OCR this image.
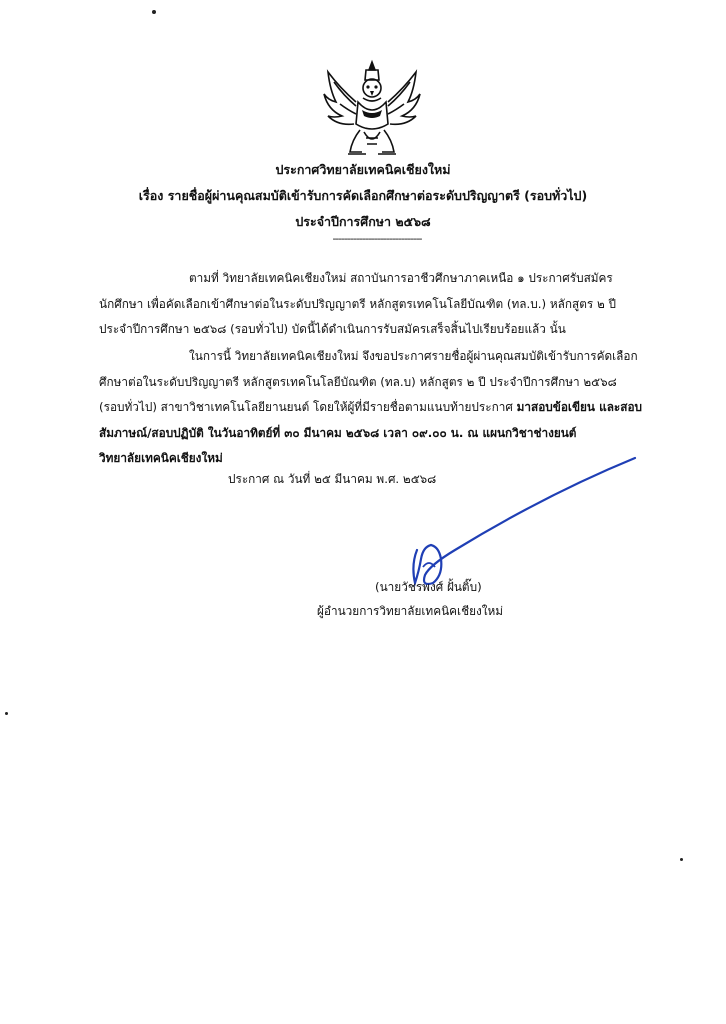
ประกาศวิทยาลัยเทคนิคเชียงใหม่
เรื่อง รายชื่อผู้ผ่านคุณสมบัติเข้ารับการคัดเลือกศึกษาต่อระดับปริญญาตรี (รอบทั่วไป)
ประจำปีการศึกษา ๒๕๖๘
------------------------------
ตามที่ วิทยาลัยเทคนิคเชียงใหม่ สถาบันการอาชีวศึกษาภาคเหนือ ๑ ประกาศรับสมัคร
นักศึกษา เพื่อคัดเลือกเข้าศึกษาต่อในระดับปริญญาตรี หลักสูตรเทคโนโลยีบัณฑิต (ทล.บ.) หลักสูตร ๒ ปี
ประจำปีการศึกษา ๒๕๖๘ (รอบทั่วไป) บัดนี้ได้ดำเนินการรับสมัครเสร็จสิ้นไปเรียบร้อยแล้ว นั้น
ในการนี้ วิทยาลัยเทคนิคเชียงใหม่ จึงขอประกาศรายชื่อผู้ผ่านคุณสมบัติเข้ารับการคัดเลือก
ศึกษาต่อในระดับปริญญาตรี หลักสูตรเทคโนโลยีบัณฑิต (ทล.บ) หลักสูตร ๒ ปี ประจำปีการศึกษา ๒๕๖๘
(รอบทั่วไป) สาขาวิชาเทคโนโลยียานยนต์ โดยให้ผู้ที่มีรายชื่อตามแนบท้ายประกาศ มาสอบข้อเขียน และสอบ
สัมภาษณ์/สอบปฏิบัติ ในวันอาทิตย์ที่ ๓๐ มีนาคม ๒๕๖๘ เวลา ๐๙.๐๐ น. ณ แผนกวิชาช่างยนต์
วิทยาลัยเทคนิคเชียงใหม่
ประกาศ ณ วันที่ ๒๕ มีนาคม พ.ศ. ๒๕๖๘
(นายวัชรพงศ์ ฝั้นติ๊บ)
ผู้อำนวยการวิทยาลัยเทคนิคเชียงใหม่
